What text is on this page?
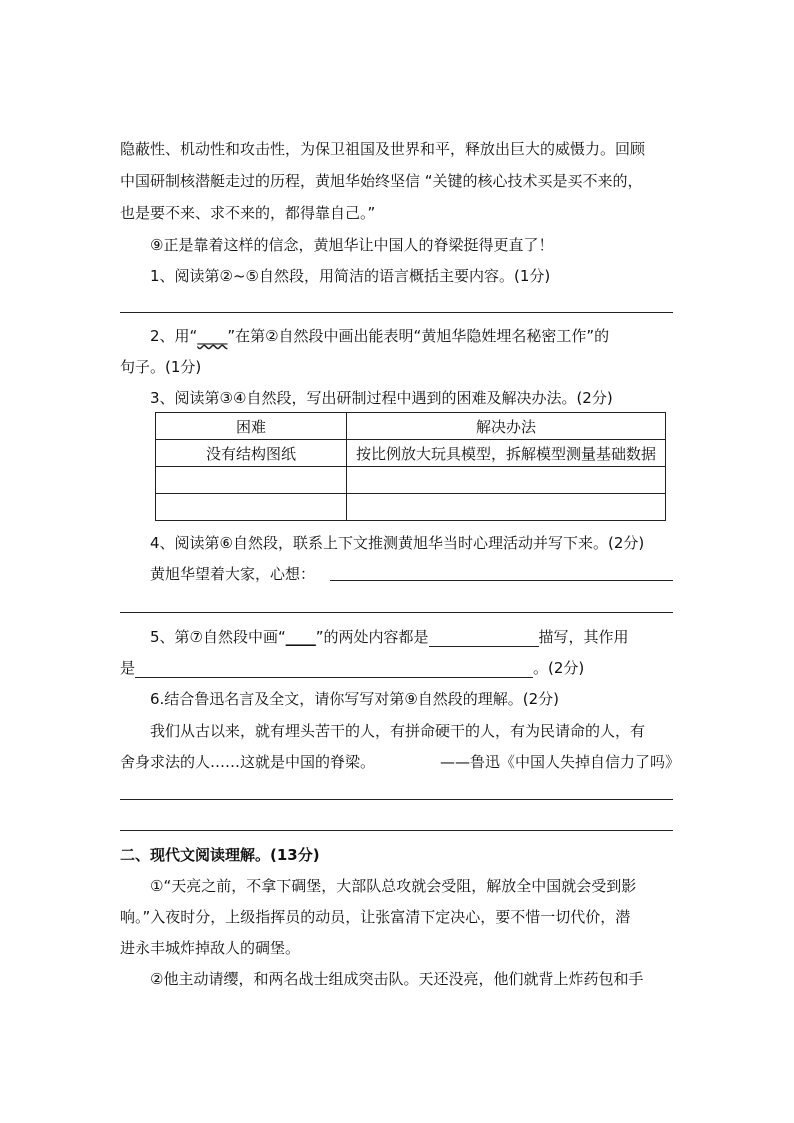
隐蔽性、机动性和攻击性，为保卫祖国及世界和平，释放出巨大的威慑力。回顾
中国研制核潜艇走过的历程，黄旭华始终坚信 “关键的核心技术买是买不来的，
也是要不来、求不来的，都得靠自己。”
⑨正是靠着这样的信念，黄旭华让中国人的脊梁挺得更直了！
1、阅读第②~⑤自然段，用简洁的语言概括主要内容。(1分)
2、用“____”在第②自然段中画出能表明“黄旭华隐姓埋名秘密工作”的
句子。(1分)
3、阅读第③④自然段，写出研制过程中遇到的困难及解决办法。(2分)
困难	解决办法
没有结构图纸	按比例放大玩具模型，拆解模型测量基础数据

4、阅读第⑥自然段，联系上下文推测黄旭华当时心理活动并写下来。(2分)
黄旭华望着大家，心想：
5、第⑦自然段中画“____”的两处内容都是	描写，其作用
是	。(2分)
6.结合鲁迅名言及全文，请你写写对第⑨自然段的理解。(2分)
我们从古以来，就有埋头苦干的人，有拼命硬干的人，有为民请命的人，有
舍身求法的人……这就是中国的脊梁。	——鲁迅《中国人失掉自信力了吗》
二、现代文阅读理解。(13分)
①“天亮之前，不拿下碉堡，大部队总攻就会受阻，解放全中国就会受到影
响。”入夜时分，上级指挥员的动员，让张富清下定决心，要不惜一切代价，潜
进永丰城炸掉敌人的碉堡。
②他主动请缨，和两名战士组成突击队。天还没亮，他们就背上炸药包和手
